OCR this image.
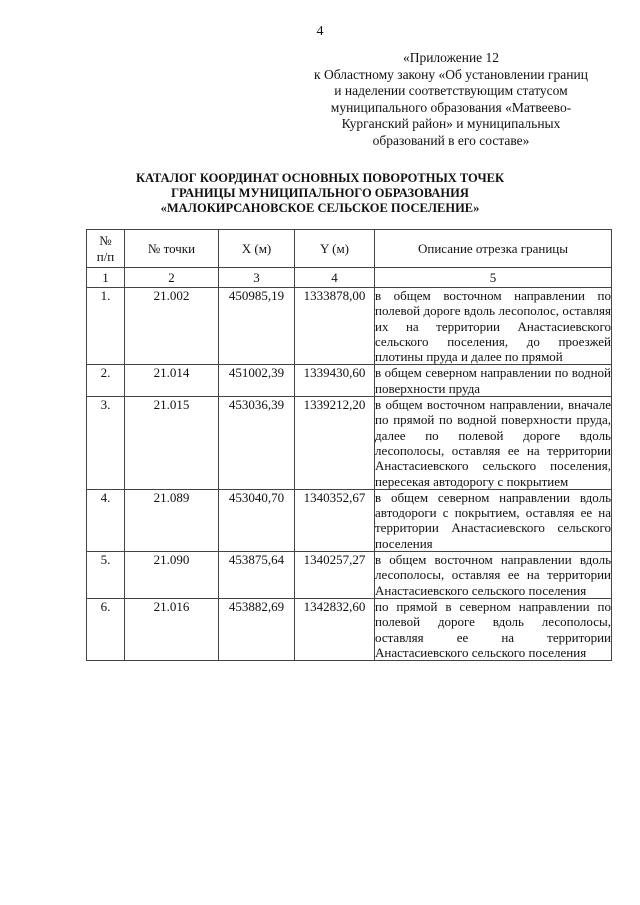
4
«Приложение 12
к Областному закону «Об установлении границ
и наделении соответствующим статусом
муниципального образования «Матвеево-
Курганский район» и муниципальных
образований в его составе»
КАТАЛОГ КООРДИНАТ ОСНОВНЫХ ПОВОРОТНЫХ ТОЧЕК
ГРАНИЦЫ МУНИЦИПАЛЬНОГО ОБРАЗОВАНИЯ
«МАЛОКИРСАНОВСКОЕ СЕЛЬСКОЕ ПОСЕЛЕНИЕ»
№
п/п	№ точки	X (м)	Y (м)	Описание отрезка границы
1	2	3	4	5
1.	21.002	450985,19	1333878,00	в общем восточном направлении по полевой дороге вдоль лесополос, оставляя их на территории Анастасиевского сельского поселения, до проезжей плотины пруда и далее по прямой
2.	21.014	451002,39	1339430,60	в общем северном направлении по водной поверхности пруда
3.	21.015	453036,39	1339212,20	в общем восточном направлении, вначале по прямой по водной поверхности пруда, далее по полевой дороге вдоль лесополосы, оставляя ее на территории Анастасиевского сельского поселения, пересекая автодорогу с покрытием
4.	21.089	453040,70	1340352,67	в общем северном направлении вдоль автодороги с покрытием, оставляя ее на территории Анастасиевского сельского поселения
5.	21.090	453875,64	1340257,27	в общем восточном направлении вдоль лесополосы, оставляя ее на территории Анастасиевского сельского поселения
6.	21.016	453882,69	1342832,60	по прямой в северном направлении по полевой дороге вдоль лесополосы, оставляя ее на территории Анастасиевского сельского поселения
